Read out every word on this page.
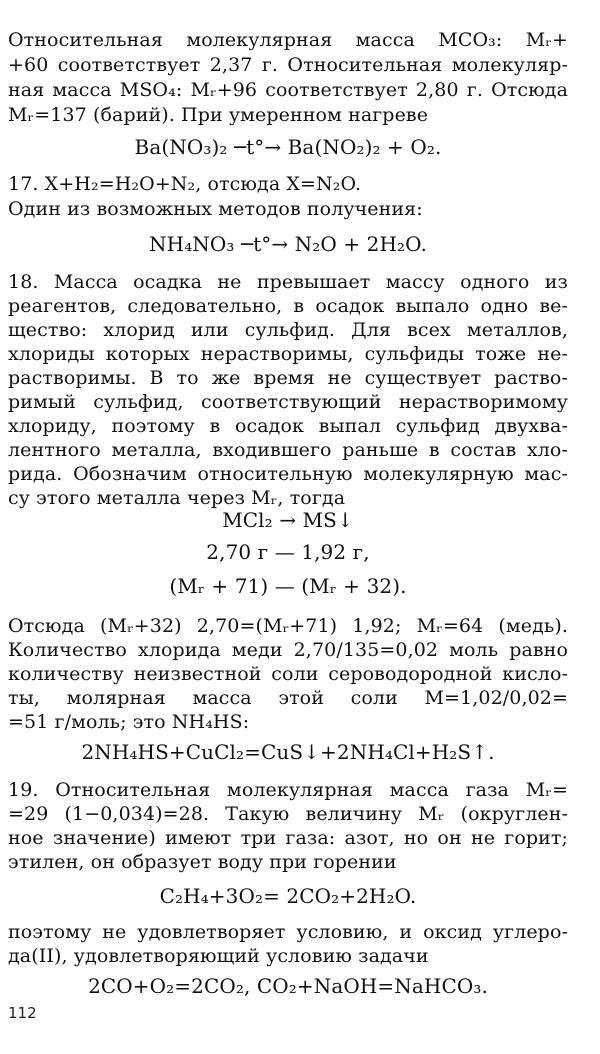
Относительная молекулярная масса MCO₃: Mᵣ+
+60 соответствует 2,37 г. Относительная молекуляр-
ная масса MSO₄: Mᵣ+96 соответствует 2,80 г. Отсюда
Mᵣ=137 (барий). При умеренном нагреве
Ba(NO₃)₂ ─t°→ Ba(NO₂)₂ + O₂.
17. X+H₂=H₂O+N₂, отсюда X=N₂O.
Один из возможных методов получения:
NH₄NO₃ ─t°→ N₂O + 2H₂O.
18. Масса осадка не превышает массу одного из
реагентов, следовательно, в осадок выпало одно ве-
щество: хлорид или сульфид. Для всех металлов,
хлориды которых нерастворимы, сульфиды тоже не-
растворимы. В то же время не существует раство-
римый сульфид, соответствующий нерастворимому
хлориду, поэтому в осадок выпал сульфид двухва-
лентного металла, входившего раньше в состав хло-
рида. Обозначим относительную молекулярную мас-
су этого металла через Mᵣ, тогда
MCl₂ → MS↓
2,70 г — 1,92 г,
(Mᵣ + 71) — (Mᵣ + 32).
Отсюда (Mᵣ+32) 2,70=(Mᵣ+71) 1,92; Mᵣ=64 (медь).
Количество хлорида меди 2,70/135=0,02 моль равно
количеству неизвестной соли сероводородной кисло-
ты, молярная масса этой соли M=1,02/0,02=
=51 г/моль; это NH₄HS:
2NH₄HS+CuCl₂=CuS↓+2NH₄Cl+H₂S↑.
19. Относительная молекулярная масса газа Mᵣ=
=29 (1−0,034)=28. Такую величину Mᵣ (округлен-
ное значение) имеют три газа: азот, но он не горит;
этилен, он образует воду при горении
C₂H₄+3O₂= 2CO₂+2H₂O.
поэтому не удовлетворяет условию, и оксид углеро-
да(II), удовлетворяющий условию задачи
2CO+O₂=2CO₂, CO₂+NaOH=NaHCO₃.
112
